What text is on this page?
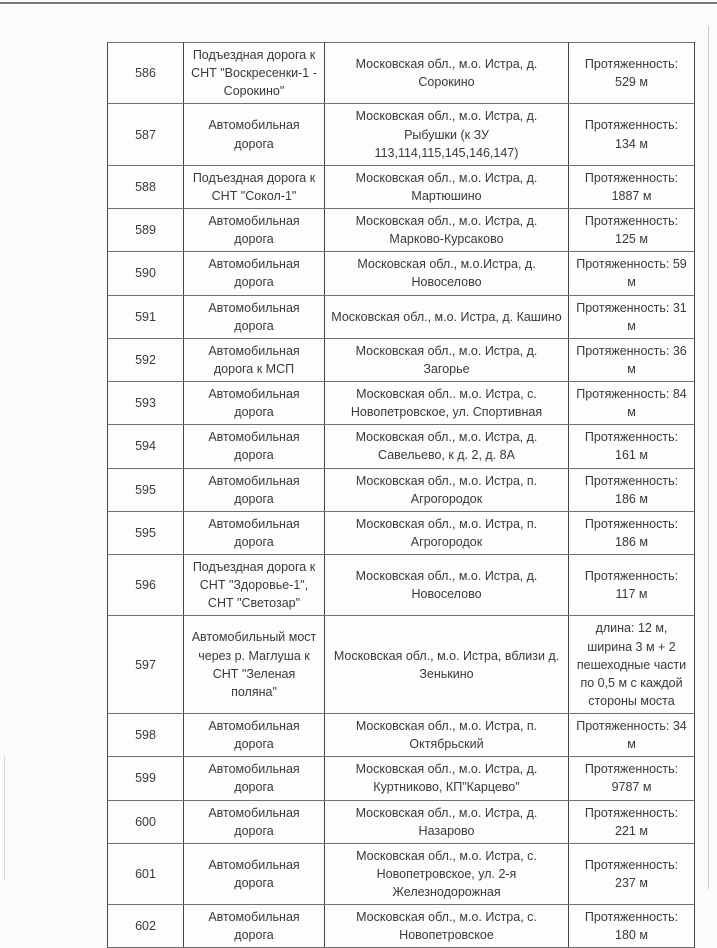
586	Подъездная дорога к СНТ "Воскресенки-1 - Сорокино"	Московская обл., м.о. Истра, д. Сорокино	Протяженность: 529 м
587	Автомобильная дорога	Московская обл., м.о. Истра, д. Рыбушки (к ЗУ 113,114,115,145,146,147)	Протяженность: 134 м
588	Подъездная дорога к СНТ "Сокол-1"	Московская обл., м.о. Истра, д. Мартюшино	Протяженность: 1887 м
589	Автомобильная дорога	Московская обл., м.о. Истра, д. Марково-Курсаково	Протяженность: 125 м
590	Автомобильная дорога	Московская обл., м.о.Истра, д. Новоселово	Протяженность: 59 м
591	Автомобильная дорога	Московская обл., м.о. Истра, д. Кашино	Протяженность: 31 м
592	Автомобильная дорога к МСП	Московская обл., м.о. Истра, д. Загорье	Протяженность: 36 м
593	Автомобильная дорога	Московская обл.. м.о. Истра, с. Новопетровское, ул. Спортивная	Протяженность: 84 м
594	Автомобильная дорога	Московская обл., м.о. Истра, д. Савельево, к д. 2, д. 8А	Протяженность: 161 м
595	Автомобильная дорога	Московская обл., м.о. Истра, п. Агрогородок	Протяженность: 186 м
595	Автомобильная дорога	Московская обл., м.о. Истра, п. Агрогородок	Протяженность: 186 м
596	Подъездная дорога к СНТ "Здоровье-1", СНТ "Светозар"	Московская обл., м.о. Истра, д. Новоселово	Протяженность: 117 м
597	Автомобильный мост через р. Маглуша к СНТ "Зеленая поляна"	Московская обл., м.о. Истра, вблизи д. Зенькино	длина: 12 м, ширина 3 м + 2 пешеходные части по 0,5 м с каждой стороны моста
598	Автомобильная дорога	Московская обл., м.о. Истра, п. Октябрьский	Протяженность: 34 м
599	Автомобильная дорога	Московская обл., м.о. Истра, д. Куртниково, КП"Карцево"	Протяженность: 9787 м
600	Автомобильная дорога	Московская обл., м.о. Истра, д. Назарово	Протяженность: 221 м
601	Автомобильная дорога	Московская обл., м.о. Истра, с. Новопетровское, ул. 2-я Железнодорожная	Протяженность: 237 м
602	Автомобильная дорога	Московская обл., м.о. Истра, с. Новопетровское	Протяженность: 180 м
